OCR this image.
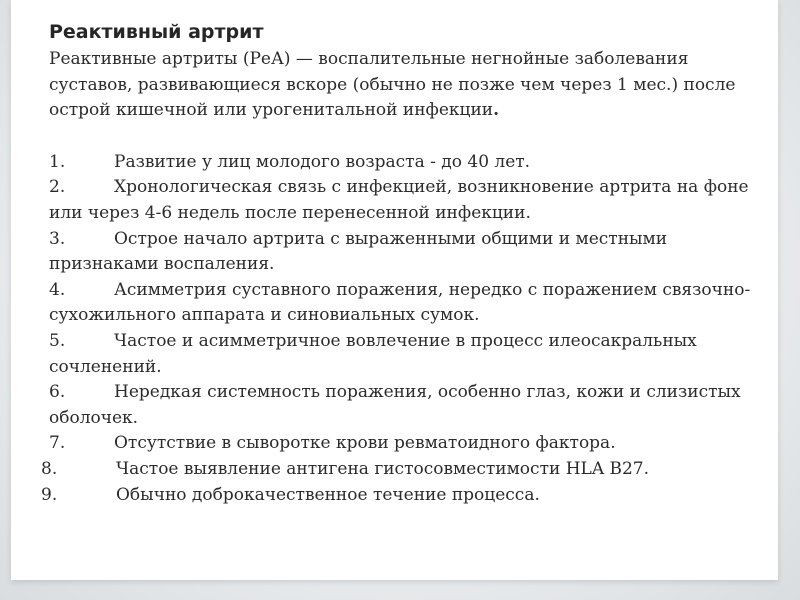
Реактивный артрит

Реактивные артриты (РеА) — воспалительные негнойные заболевания суставов, развивающиеся вскоре (обычно не позже чем через 1 мес.) после острой кишечной или урогенитальной инфекции.

1.	Развитие у лиц молодого возраста - до 40 лет.

2.	Хронологическая связь с инфекцией, возникновение артрита на фоне или через 4-6 недель после перенесенной инфекции.

3.	Острое начало артрита с выраженными общими и местными признаками воспаления.

4.	Асимметрия суставного поражения, нередко с поражением связочно-сухожильного аппарата и синовиальных сумок.

5.	Частое и асимметричное вовлечение в процесс илеосакральных сочленений.

6.	Нередкая системность поражения, особенно глаз, кожи и слизистых оболочек.

7.	Отсутствие в сыворотке крови ревматоидного фактора.

8.	Частое выявление антигена гистосовместимости HLA B27.

9.	Обычно доброкачественное течение процесса.
